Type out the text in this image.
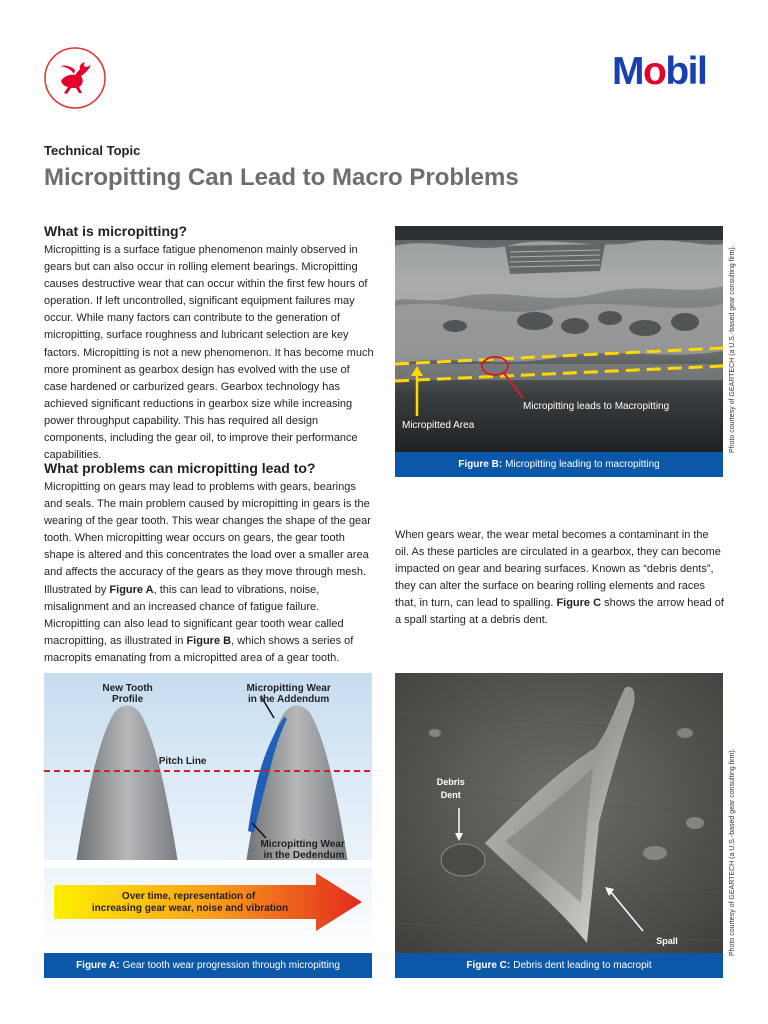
Mobil
Technical Topic
Micropitting Can Lead to Macro Problems
What is micropitting?

Micropitting is a surface fatigue phenomenon mainly observed in gears but can also occur in rolling element bearings. Micropitting causes destructive wear that can occur within the first few hours of operation. If left uncontrolled, significant equipment failures may occur. While many factors can contribute to the generation of micropitting, surface roughness and lubricant selection are key factors. Micropitting is not a new phenomenon. It has become much more prominent as gearbox design has evolved with the use of case hardened or carburized gears. Gearbox technology has achieved significant reductions in gearbox size while increasing power throughput capability. This has required all design components, including the gear oil, to improve their performance capabilities.

What problems can micropitting lead to?

Micropitting on gears may lead to problems with gears, bearings and seals. The main problem caused by micropitting in gears is the wearing of the gear tooth. This wear changes the shape of the gear tooth. When micropitting wear occurs on gears, the gear tooth shape is altered and this concentrates the load over a smaller area and affects the accuracy of the gears as they move through mesh. Illustrated by Figure A, this can lead to vibrations, noise, misalignment and an increased chance of fatigue failure. Micropitting can also lead to significant gear tooth wear called macropitting, as illustrated in Figure B, which shows a series of macropits emanating from a micropitted area of a gear tooth.

When gears wear, the wear metal becomes a contaminant in the oil. As these particles are circulated in a gearbox, they can become impacted on gear and bearing surfaces. Known as “debris dents”, they can alter the surface on bearing rolling elements and races that, in turn, can lead to spalling. Figure C shows the arrow head of a spall starting at a debris dent.

Micropitting leads to Macropitting
Micropitted Area
Figure B: Micropitting leading to macropitting
Photo courtesy of GEARTECH (a U.S.-based gear consulting firm).
New Tooth Profile Micropitting Wear in the Addendum Pitch Line Micropitting Wear in the Dedendum
Over time, representation of increasing gear wear, noise and vibration
Figure A: Gear tooth wear progression through micropitting
Debris Dent Spall
Figure C: Debris dent leading to macropit
Photo courtesy of GEARTECH (a U.S.-based gear consulting firm).
